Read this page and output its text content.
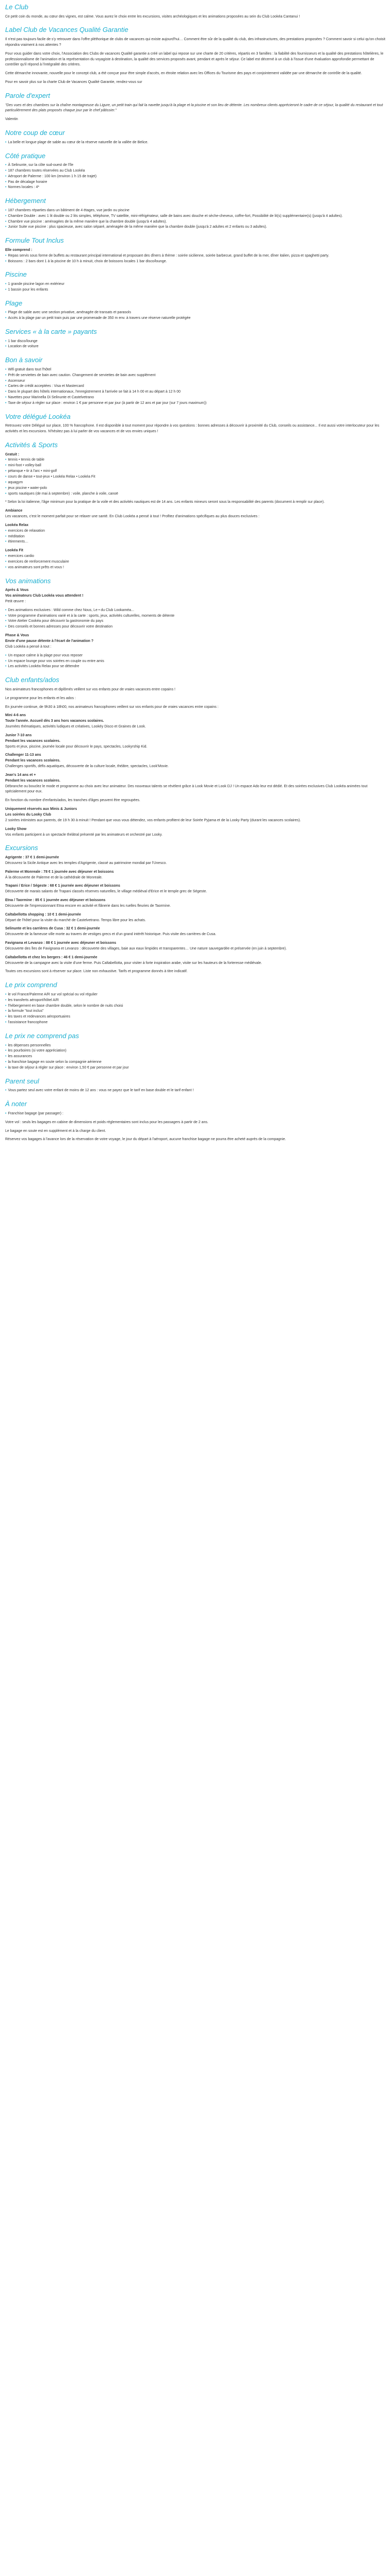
Le Club
Ce petit coin du monde, au cœur des vignes, est calme. Vous aurez le choix entre les excursions, visites archéologiques et les animations proposées au sein du Club Lookéa Cantanui !
Label Club de Vacances Qualité Garantie
Il n'est pas toujours facile de s'y retrouver dans l'offre pléthorique de clubs de vacances qui existe aujourd'hui… Comment être sûr de la qualité du club, des infrastructures, des prestations proposées ? Comment savoir si celui qu'on choisit répondra vraiment à nos attentes ?
Pour vous guider dans votre choix, l'Association des Clubs de vacances Qualité garantie a créé un label qui repose sur une charte de 20 critères, répartis en 3 familles : la fiabilité des fournisseurs et la qualité des prestations hôtelières, le professionnalisme de l'animation et la représentation du voyagiste à destination, la qualité des services proposés avant, pendant et après le séjour. Ce label est décerné à un club à l'issue d'une évaluation approfondie permettant de contrôler qu'il répond à l'intégralité des critères.
Cette démarche innovante, nouvelle pour le concept club, a été conçue pour être simple d'accès, en étroite relation avec les Offices du Tourisme des pays et conjointement validée par une démarche de contrôle de la qualité.
Pour en savoir plus sur la charte Club de Vacances Qualité Garantie, rendez-vous sur
Parole d'expert
"Des vues et des chambres sur la chaîne montagneuse du Ligure, un petit train qui fait la navette jusqu'à la plage et la piscine et son lieu de détente. Les nombreux clients apprécieront le cadre de ce séjour, la qualité du restaurant et tout particulièrement des plats proposés chaque jour par le chef pâtissier."
Valentin
Notre coup de cœur
• La belle et longue plage de sable au cœur de la réserve naturelle de la vallée de Belice.
Côté pratique
• À Selinunte, sur la côte sud-ouest de l'île
• 187 chambres toutes réservées au Club Lookéa
• Aéroport de Palerme : 100 km (environ 1 h 15 de trajet)
• Pas de décalage horaire
• Normes locales : 4*
Hébergement
• 187 chambres réparties dans un bâtiment de 4 étages, vue jardin ou piscine
• Chambre Double : avec 1 lit double ou 2 lits simples, téléphone, TV satellite, mini-réfrigérateur, salle de bains avec douche et sèche-cheveux, coffre-fort, Possibilité de lit(s) supplémentaire(s) (jusqu'à 4 adultes).
• Chambre vue piscine : aménagées de la même manière que la chambre double (jusqu'à 4 adultes).
• Junior Suite vue piscine : plus spacieuse, avec salon séparé, aménagée de la même manière que la chambre double (jusqu'à 2 adultes et 2 enfants ou 3 adultes).
Formule Tout Inclus
Elle comprend :
• Repas servis sous forme de buffets au restaurant principal international et proposant des dîners à thème : soirée sicilienne, soirée barbecue, grand buffet de la mer, dîner italien, pizza et spaghetti party.
• Boissons : 2 bars dont 1 à la piscine de 10 h à minuit, choix de boissons locales 1 bar disco/lounge.
Piscine
• 1 grande piscine lagon en extérieur
• 1 bassin pour les enfants
Plage
• Plage de sable avec une section privative, aménagée de transats et parasols
• Accès à la plage par un petit train puis par une promenade de 350 m env. à travers une réserve naturelle protégée
Services « à la carte » payants
• 1 bar disco/lounge
• Location de voiture
Bon à savoir
• Wifi gratuit dans tout l'hôtel
• Prêt de serviettes de bain avec caution. Changement de serviettes de bain avec supplément
• Ascenseur
• Cartes de crédit acceptées : Visa et Mastercard
• Dans le plupart des hôtels internationaux, l'enregistrement à l'arrivée se fait à 14 h 00 et au départ à 12 h 00
• Navettes pour Marinella Di Selinunte et Castelvetrano
• Taxe de séjour à régler sur place : environ 1 € par personne et par jour (à partir de 12 ans et par jour (sur 7 jours maximum))
Votre délégué Lookéa
Retrouvez votre Délégué sur place, 100 % francophone. Il est disponible à tout moment pour répondre à vos questions : bonnes adresses à découvrir à proximité du Club, conseils ou assistance... Il est aussi votre interlocuteur pour les activités et les excursions. N'hésitez pas à lui parler de vos vacances et de vos envies uniques !
Activités & Sports
Gratuit :
• tennis • tennis de table
• mini-foot • volley-ball
• pétanque • tir à l'arc • mini-golf
• cours de danse • tout-jeux • Lookéa Relax • Lookéa Fit
• aquagym
• jeux piscine • water-polo
• sports nautiques (de mai à septembre) : voile, planche à voile, canoë
* Selon la loi italienne, l'âge minimum pour la pratique de la voile et des activités nautiques est de 14 ans. Les enfants mineurs seront sous la responsabilité des parents (document à remplir sur place).
Ambiance
Les vacances, c'est le moment parfait pour se relaxer une santé. En Club Lookéa a pensé à tout ! Profitez d'animations spécifiques au plus douces exclusives :
Lookéa Relax
• exercices de relaxation
• méditation
• étirements…
Lookéa Fit
• exercices cardio
• exercices de renforcement musculaire
• vos animateurs sont prêts et vous !
Vos animations
Après & Vous
Vos animateurs Club Lookéa vous attendent !
Petit œuvre :
• Des animations exclusives : Wild comme chez Nous, Le • du Club Lookaméa...
• Votre programme d'animations varié et à la carte : sports, jeux, activités culturelles, moments de détente
• Votre Atelier Cookéa pour découvrir la gastronomie du pays
• Des conseils et bonnes adresses pour découvrir votre destination
Phase & Vous
Envie d'une pause détente à l'écart de l'animation ?
Club Lookéa a pensé à tout :
• Un espace calme à la plage pour vous reposer
• Un espace lounge pour vos soirées en couple ou entre amis
• Les activités Lookéa Relax pour se détendre
Club enfants/ados
Nos animateurs francophones et diplômés veillent sur vos enfants pour de vraies vacances entre copains !
Le programme pour les enfants et les ados :
En journée continue, de 9h30 à 18h00, nos animateurs francophones veillent sur vos enfants pour de vraies vacances entre copains :
Mini 4-6 ans
Toute l'année. Accueil dès 3 ans hors vacances scolaires.
Journées thématiques, activités ludiques et créatives, Lookéy Disco et Graines de Look.
Junior 7-10 ans
Pendant les vacances scolaires.
Sports et jeux, piscine, journée locale pour découvrir le pays, spectacles, Lookyrship Kid.
Challenger 11-13 ans
Pendant les vacances scolaires.
Challenges sportifs, défis aquatiques, découverte de la culture locale, théâtre, spectacles, Look'Movie.
Jean's 14 ans et +
Pendant les vacances scolaires.
Débranche ou bouclez le mode et programme au choix avec leur animateur. Des nouveaux talents se révèlent grâce à Look Movie et Look DJ ! Un espace Ado leur est dédié. Et des soirées exclusives Club Lookéa animées tout spécialement pour eux.
En fonction du nombre d'enfants/ados, les tranches d'âges peuvent être regroupées.
Uniquement réservés aux Minis & Juniors
Les soirées du Looky Club
2 soirées intimistes aux parents, de 19 h 30 à minuit ! Pendant que vous vous détendez, vos enfants profitent de leur Soirée Pyjama et de la Looky Party (durant les vacances scolaires).
Looky Show
Vos enfants participent à un spectacle théâtral présenté par les animateurs et orchestré par Looky.
Excursions
Agrigente : 37 € 1 demi-journée
Découvrez la Sicile Antique avec les temples d'Agrigente, classé au patrimoine mondial par l'Unesco.
Palerme et Monreale : 78 € 1 journée avec déjeuner et boissons
À la découverte de Palerme et de la cathédrale de Monreale.
Trapani / Erice / Ségeste : 68 € 1 journée avec déjeuner et boissons
Découverte de marais salants de Trapani classés réserves naturelles, le village médiéval d'Erice et le temple grec de Ségeste.
Etna / Taormine : 85 € 1 journée avec déjeuner et boissons
Découverte de l'impressionnant Etna encore en activité et flânerie dans les ruelles fleuries de Taormine.
Caltabellotta shopping : 10 € 1 demi-journée
Départ de l'hôtel pour la visite du marché de Castelvetrano. Temps libre pour les achats.
Selinunte et les carrières de Cusa : 32 € 1 demi-journée
Découverte de la fameuse ville morte au travers de vestiges grecs et d'un grand intérêt historique. Puis visite des carrières de Cusa.
Favignana et Levanzo : 88 € 1 journée avec déjeuner et boissons
Découverte des îles de Favignana et Levanzo : découverte des villages, baie aux eaux limpides et transparentes… Une nature sauvegardée et préservée (en juin à septembre).
Caltabellotta et chez les bergers : 46 € 1 demi-journée
Découverte de la campagne avec la visite d'une ferme. Puis Caltabellotta, pour visiter à forte inspiration arabe, visite sur les hauteurs de la forteresse médiévale.
Toutes ces excursions sont à réserver sur place. Liste non exhaustive. Tarifs et programme donnés à titre indicatif.
Le prix comprend
• le vol France/Palerme A/R sur vol spécial ou vol régulier
• les transferts aéroport/hôtel A/R
• l'hébergement en base chambre double, selon le nombre de nuits choisi
• la formule "tout inclus"
• les taxes et redevances aéroportuaires
• l'assistance francophone
Le prix ne comprend pas
• les dépenses personnelles
• les pourboires (si votre appréciation)
• les assurances
• la franchise bagage en soute selon la compagnie aérienne
• la taxe de séjour à régler sur place : environ 1,50 € par personne et par jour
Parent seul
• Vous partez seul avec votre enfant de moins de 12 ans : vous ne payez que le tarif en base double et le tarif enfant !
À noter
• Franchise bagage (par passager) :
Votre vol : seuls les bagages en cabine de dimensions et poids réglementaires sont inclus pour les passagers à partir de 2 ans.
Le bagage en soute est en supplément et à la charge du client.
Réservez vos bagages à l'avance lors de la réservation de votre voyage, le jour du départ à l'aéroport, aucune franchise bagage ne pourra être acheté auprès de la compagnie.
